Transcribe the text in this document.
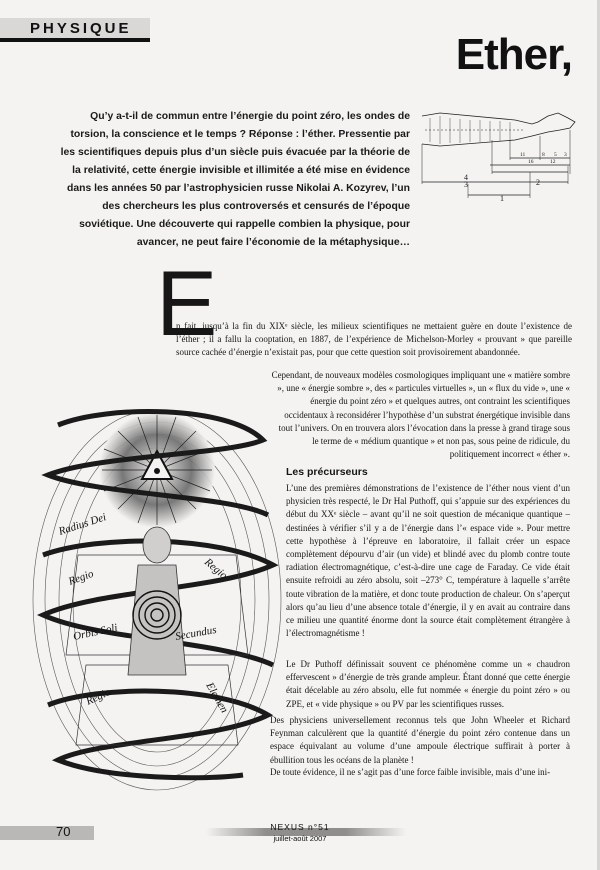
PHYSIQUE
Ether,
Qu’y a-t-il de commun entre l’énergie du point zéro, les ondes de torsion, la conscience et le temps ? Réponse : l’éther. Pressentie par les scientifiques depuis plus d’un siècle puis évacuée par la théorie de la relativité, cette énergie invisible et illimitée a été mise en évidence dans les années 50 par l’astrophysicien russe Nikolai A. Kozyrev, l’un des chercheurs les plus controversés et censurés de l’époque soviétique. Une découverte qui rappelle combien la physique, pour avancer, ne peut faire l’économie de la métaphysique…
11	8 5 3
16	12
4
3	2
1
Radius Dei
Regio	Regio
Orbis Soli	Secundus
Regio	Elemen
E
n fait, jusqu’à la fin du XIXᵉ siècle, les milieux scientifiques ne mettaient guère en doute l’existence de l’éther ; il a fallu la cooptation, en 1887, de l’expérience de Michelson-Morley « prouvant » que pareille source cachée d’énergie n’existait pas, pour que cette question soit provisoirement abandonnée.
Cependant, de nouveaux modèles cosmologiques impliquant une « matière sombre », une « énergie sombre », des « particules virtuelles », un « flux du vide », une « énergie du point zéro » et quelques autres, ont contraint les scientifiques occidentaux à reconsidérer l’hypothèse d’un substrat énergétique invisible dans tout l’univers. On en trouvera alors l’évocation dans la presse à grand tirage sous le terme de « médium quantique » et non pas, sous peine de ridicule, du politiquement incorrect « éther ».
Les précurseurs
L’une des premières démonstrations de l’existence de l’éther nous vient d’un physicien très respecté, le Dr Hal Puthoff, qui s’appuie sur des expériences du début du XXᵉ siècle – avant qu’il ne soit question de mécanique quantique – destinées à vérifier s’il y a de l’énergie dans l’« espace vide ». Pour mettre cette hypothèse à l’épreuve en laboratoire, il fallait créer un espace complètement dépourvu d’air (un vide) et blindé avec du plomb contre toute radiation électromagnétique, c’est-à-dire une cage de Faraday. Ce vide était ensuite refroidi au zéro absolu, soit –273° C, température à laquelle s’arrête toute vibration de la matière, et donc toute production de chaleur. On s’aperçut alors qu’au lieu d’une absence totale d’énergie, il y en avait au contraire dans ce milieu une quantité énorme dont la source était complètement étrangère à l’électromagnétisme !
Le Dr Puthoff définissait souvent ce phénomène comme un « chaudron effervescent » d’énergie de très grande ampleur. Étant donné que cette énergie était décelable au zéro absolu, elle fut nommée « énergie du point zéro » ou ZPE, et « vide physique » ou PV par les scientifiques russes.
Des physiciens universellement reconnus tels que John Wheeler et Richard Feynman calculèrent que la quantité d’énergie du point zéro contenue dans un espace équivalant au volume d’une ampoule électrique suffirait à porter à ébullition tous les océans de la planète !
De toute évidence, il ne s’agit pas d’une force faible invisible, mais d’une ini-
70	NEXUS n°51
juillet-août 2007
